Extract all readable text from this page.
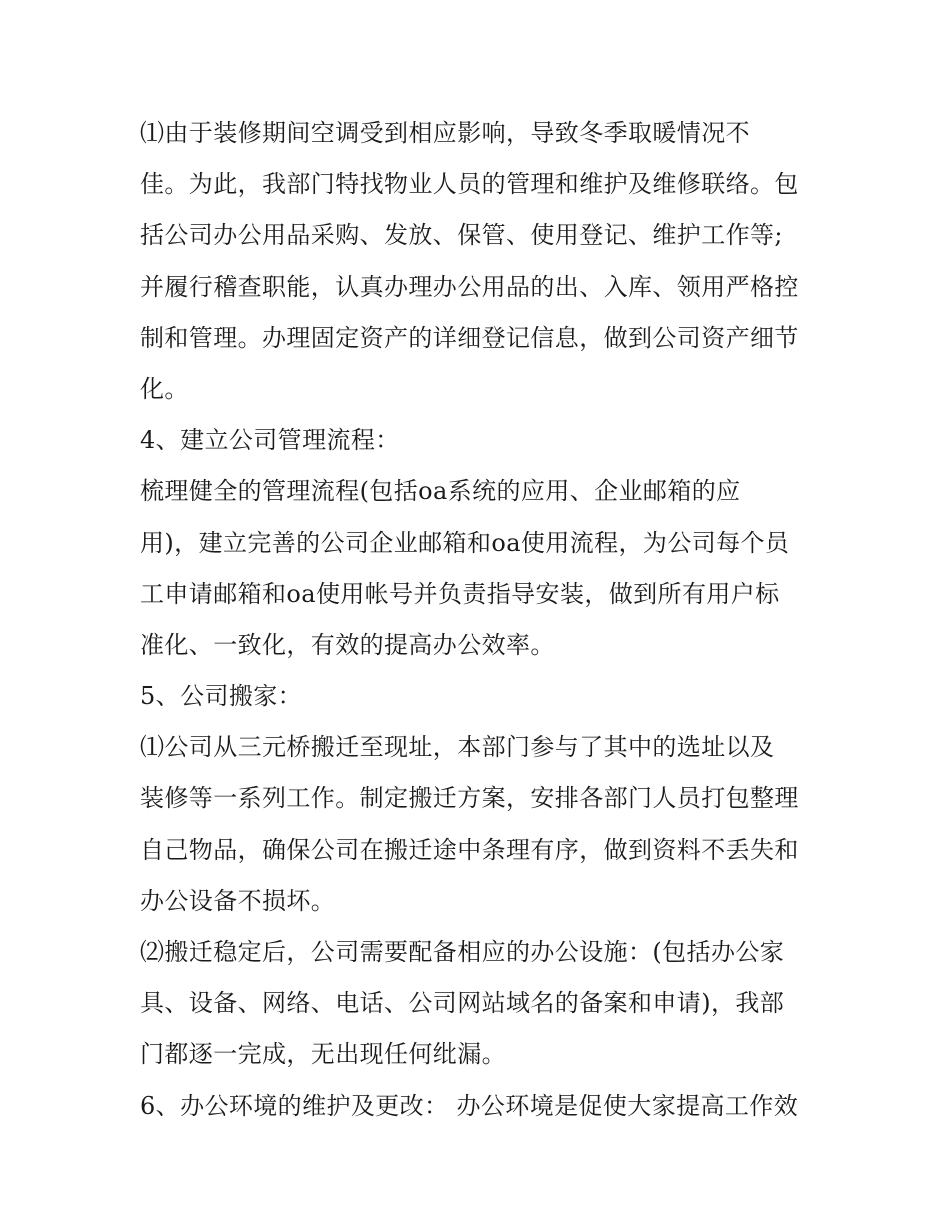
⑴由于装修期间空调受到相应影响，导致冬季取暖情况不
佳。为此，我部门特找物业人员的管理和维护及维修联络。包
括公司办公用品采购、发放、保管、使用登记、维护工作等;
并履行稽查职能，认真办理办公用品的出、入库、领用严格控
制和管理。办理固定资产的详细登记信息，做到公司资产细节
化。
4、建立公司管理流程：
梳理健全的管理流程(包括oa系统的应用、企业邮箱的应
用)，建立完善的公司企业邮箱和oa使用流程，为公司每个员
工申请邮箱和oa使用帐号并负责指导安装，做到所有用户标
准化、一致化，有效的提高办公效率。
5、公司搬家：
⑴公司从三元桥搬迁至现址，本部门参与了其中的选址以及
装修等一系列工作。制定搬迁方案，安排各部门人员打包整理
自己物品，确保公司在搬迁途中条理有序，做到资料不丢失和
办公设备不损坏。
⑵搬迁稳定后，公司需要配备相应的办公设施：(包括办公家
具、设备、网络、电话、公司网站域名的备案和申请)，我部
门都逐一完成，无出现任何纰漏。
6、办公环境的维护及更改： 办公环境是促使大家提高工作效
